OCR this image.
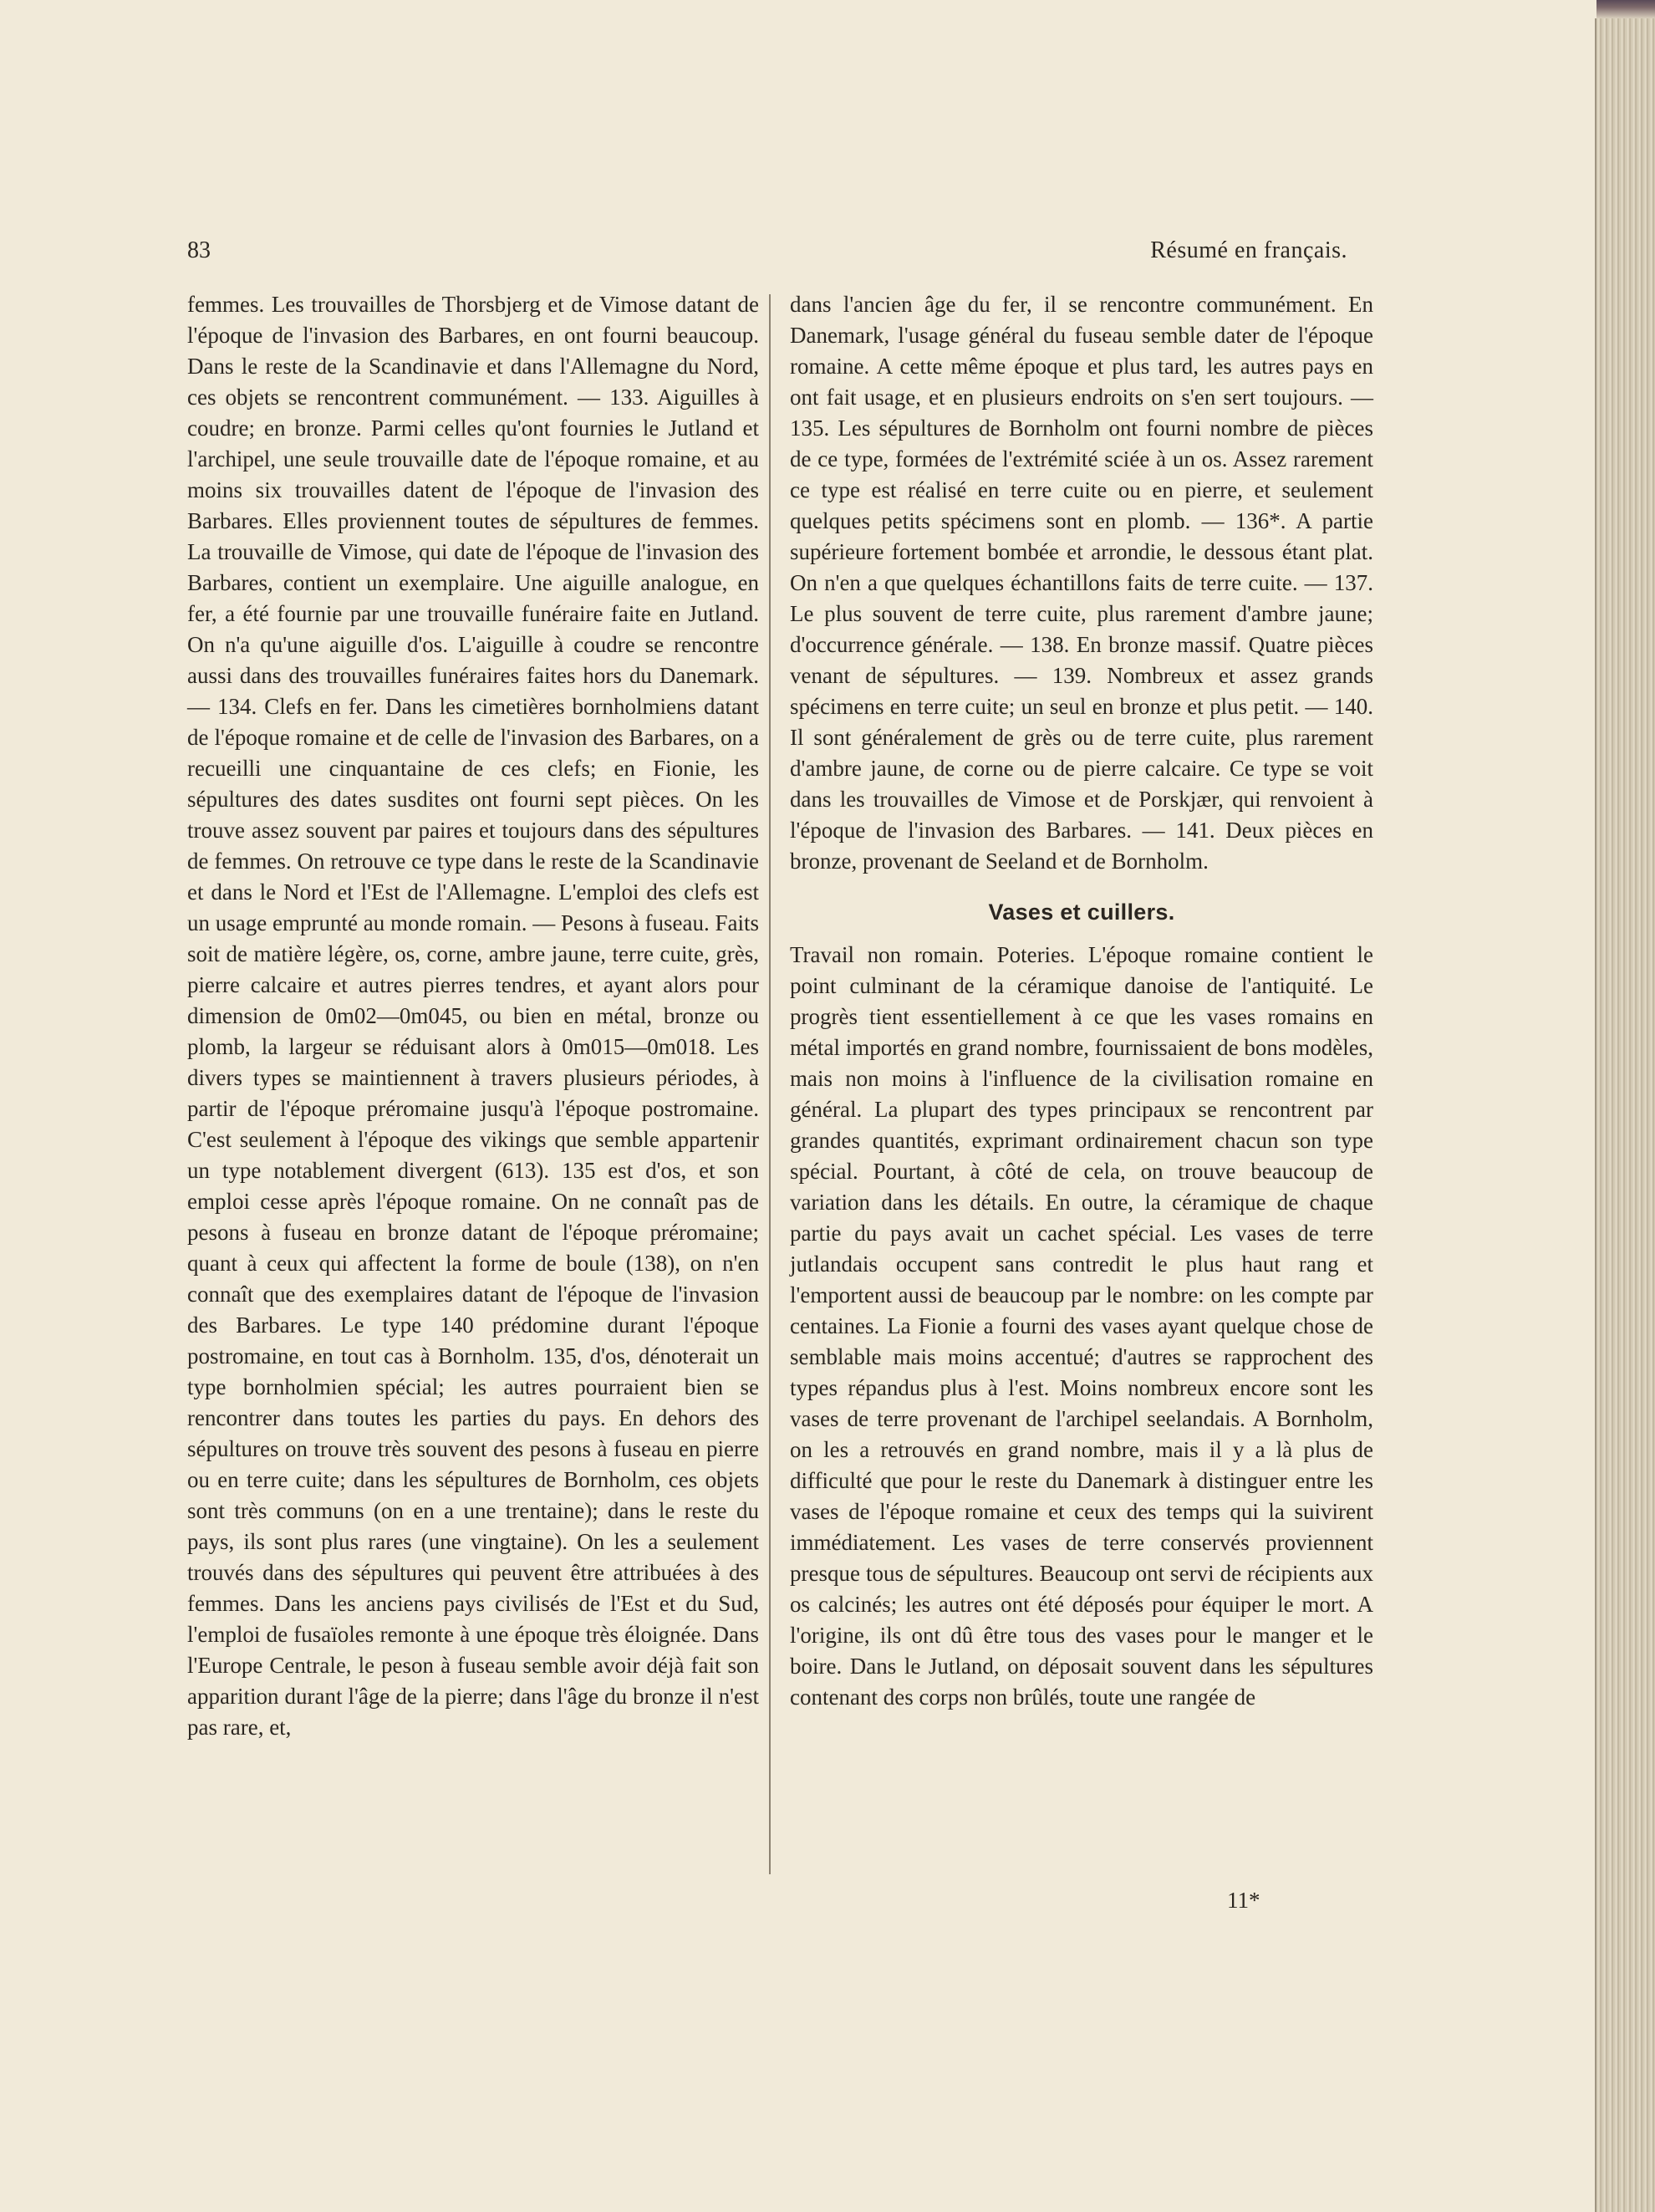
83	Résumé en français.

femmes. Les trouvailles de Thorsbjerg et de Vimose datant de l'époque de l'invasion des Barbares, en ont fourni beaucoup. Dans le reste de la Scandinavie et dans l'Allemagne du Nord, ces objets se rencontrent communément. — 133. Aiguilles à coudre; en bronze. Parmi celles qu'ont fournies le Jutland et l'archipel, une seule trouvaille date de l'époque romaine, et au moins six trouvailles datent de l'époque de l'invasion des Barbares. Elles proviennent toutes de sépultures de femmes. La trouvaille de Vimose, qui date de l'époque de l'invasion des Barbares, contient un exemplaire. Une aiguille analogue, en fer, a été fournie par une trouvaille funéraire faite en Jutland. On n'a qu'une aiguille d'os. L'aiguille à coudre se rencontre aussi dans des trouvailles funéraires faites hors du Danemark. — 134. Clefs en fer. Dans les cimetières bornholmiens datant de l'époque romaine et de celle de l'invasion des Barbares, on a recueilli une cinquantaine de ces clefs; en Fionie, les sépultures des dates susdites ont fourni sept pièces. On les trouve assez souvent par paires et toujours dans des sépultures de femmes. On retrouve ce type dans le reste de la Scandinavie et dans le Nord et l'Est de l'Allemagne. L'emploi des clefs est un usage emprunté au monde romain. — Pesons à fuseau. Faits soit de matière légère, os, corne, ambre jaune, terre cuite, grès, pierre calcaire et autres pierres tendres, et ayant alors pour dimension de 0m02—0m045, ou bien en métal, bronze ou plomb, la largeur se réduisant alors à 0m015—0m018. Les divers types se maintiennent à travers plusieurs périodes, à partir de l'époque préromaine jusqu'à l'époque postromaine. C'est seulement à l'époque des vikings que semble appartenir un type notablement divergent (613). 135 est d'os, et son emploi cesse après l'époque romaine. On ne connaît pas de pesons à fuseau en bronze datant de l'époque préromaine; quant à ceux qui affectent la forme de boule (138), on n'en connaît que des exemplaires datant de l'époque de l'invasion des Barbares. Le type 140 prédomine durant l'époque postromaine, en tout cas à Bornholm. 135, d'os, dénoterait un type bornholmien spécial; les autres pourraient bien se rencontrer dans toutes les parties du pays. En dehors des sépultures on trouve très souvent des pesons à fuseau en pierre ou en terre cuite; dans les sépultures de Bornholm, ces objets sont très communs (on en a une trentaine); dans le reste du pays, ils sont plus rares (une vingtaine). On les a seulement trouvés dans des sépultures qui peuvent être attribuées à des femmes. Dans les anciens pays civilisés de l'Est et du Sud, l'emploi de fusaïoles remonte à une époque très éloignée. Dans l'Europe Centrale, le peson à fuseau semble avoir déjà fait son apparition durant l'âge de la pierre; dans l'âge du bronze il n'est pas rare, et,

dans l'ancien âge du fer, il se rencontre communément. En Danemark, l'usage général du fuseau semble dater de l'époque romaine. A cette même époque et plus tard, les autres pays en ont fait usage, et en plusieurs endroits on s'en sert toujours. — 135. Les sépultures de Bornholm ont fourni nombre de pièces de ce type, formées de l'extrémité sciée à un os. Assez rarement ce type est réalisé en terre cuite ou en pierre, et seulement quelques petits spécimens sont en plomb. — 136*. A partie supérieure fortement bombée et arrondie, le dessous étant plat. On n'en a que quelques échantillons faits de terre cuite. — 137. Le plus souvent de terre cuite, plus rarement d'ambre jaune; d'occurrence générale. — 138. En bronze massif. Quatre pièces venant de sépultures. — 139. Nombreux et assez grands spécimens en terre cuite; un seul en bronze et plus petit. — 140. Il sont généralement de grès ou de terre cuite, plus rarement d'ambre jaune, de corne ou de pierre calcaire. Ce type se voit dans les trouvailles de Vimose et de Porskjær, qui renvoient à l'époque de l'invasion des Barbares. — 141. Deux pièces en bronze, provenant de Seeland et de Bornholm.

Vases et cuillers.

Travail non romain. Poteries. L'époque romaine contient le point culminant de la céramique danoise de l'antiquité. Le progrès tient essentiellement à ce que les vases romains en métal importés en grand nombre, fournissaient de bons modèles, mais non moins à l'influence de la civilisation romaine en général. La plupart des types principaux se rencontrent par grandes quantités, exprimant ordinairement chacun son type spécial. Pourtant, à côté de cela, on trouve beaucoup de variation dans les détails. En outre, la céramique de chaque partie du pays avait un cachet spécial. Les vases de terre jutlandais occupent sans contredit le plus haut rang et l'emportent aussi de beaucoup par le nombre: on les compte par centaines. La Fionie a fourni des vases ayant quelque chose de semblable mais moins accentué; d'autres se rapprochent des types répandus plus à l'est. Moins nombreux encore sont les vases de terre provenant de l'archipel seelandais. A Bornholm, on les a retrouvés en grand nombre, mais il y a là plus de difficulté que pour le reste du Danemark à distinguer entre les vases de l'époque romaine et ceux des temps qui la suivirent immédiatement. Les vases de terre conservés proviennent presque tous de sépultures. Beaucoup ont servi de récipients aux os calcinés; les autres ont été déposés pour équiper le mort. A l'origine, ils ont dû être tous des vases pour le manger et le boire. Dans le Jutland, on déposait souvent dans les sépultures contenant des corps non brûlés, toute une rangée de

11*
